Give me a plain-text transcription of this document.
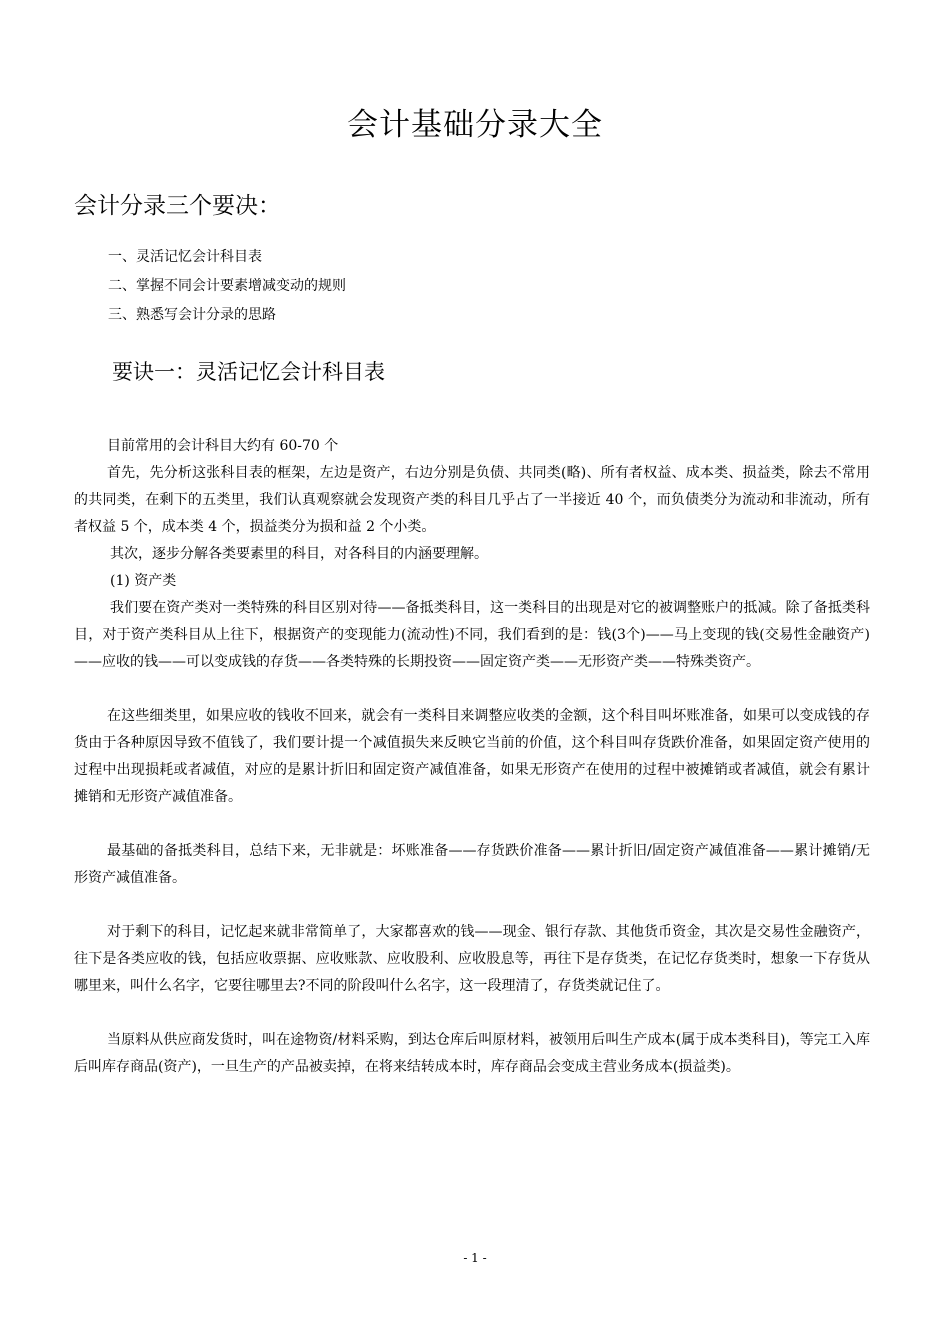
会计基础分录大全
会计分录三个要决：
一、灵活记忆会计科目表
二、掌握不同会计要素增减变动的规则
三、熟悉写会计分录的思路
要诀一：灵活记忆会计科目表

目前常用的会计科目大约有 60-70 个

首先，先分析这张科目表的框架，左边是资产，右边分别是负债、共同类(略)、所有者权益、成本类、损益类，除去不常用的共同类，在剩下的五类里，我们认真观察就会发现资产类的科目几乎占了一半接近 40 个，而负债类分为流动和非流动，所有者权益 5 个，成本类 4 个，损益类分为损和益 2 个小类。

其次，逐步分解各类要素里的科目，对各科目的内涵要理解。

(1) 资产类

我们要在资产类对一类特殊的科目区别对待——备抵类科目，这一类科目的出现是对它的被调整账户的抵减。除了备抵类科目，对于资产类科目从上往下，根据资产的变现能力(流动性)不同，我们看到的是：钱(3个)——马上变现的钱(交易性金融资产)——应收的钱——可以变成钱的存货——各类特殊的长期投资——固定资产类——无形资产类——特殊类资产。

在这些细类里，如果应收的钱收不回来，就会有一类科目来调整应收类的金额，这个科目叫坏账准备，如果可以变成钱的存货由于各种原因导致不值钱了，我们要计提一个减值损失来反映它当前的价值，这个科目叫存货跌价准备，如果固定资产使用的过程中出现损耗或者减值，对应的是累计折旧和固定资产减值准备，如果无形资产在使用的过程中被摊销或者减值，就会有累计摊销和无形资产减值准备。

最基础的备抵类科目，总结下来，无非就是：坏账准备——存货跌价准备——累计折旧/固定资产减值准备——累计摊销/无形资产减值准备。

对于剩下的科目，记忆起来就非常简单了，大家都喜欢的钱——现金、银行存款、其他货币资金，其次是交易性金融资产，往下是各类应收的钱，包括应收票据、应收账款、应收股利、应收股息等，再往下是存货类，在记忆存货类时，想象一下存货从哪里来，叫什么名字，它要往哪里去?不同的阶段叫什么名字，这一段理清了，存货类就记住了。

当原料从供应商发货时，叫在途物资/材料采购，到达仓库后叫原材料，被领用后叫生产成本(属于成本类科目)，等完工入库后叫库存商品(资产)，一旦生产的产品被卖掉，在将来结转成本时，库存商品会变成主营业务成本(损益类)。

- 1 -
